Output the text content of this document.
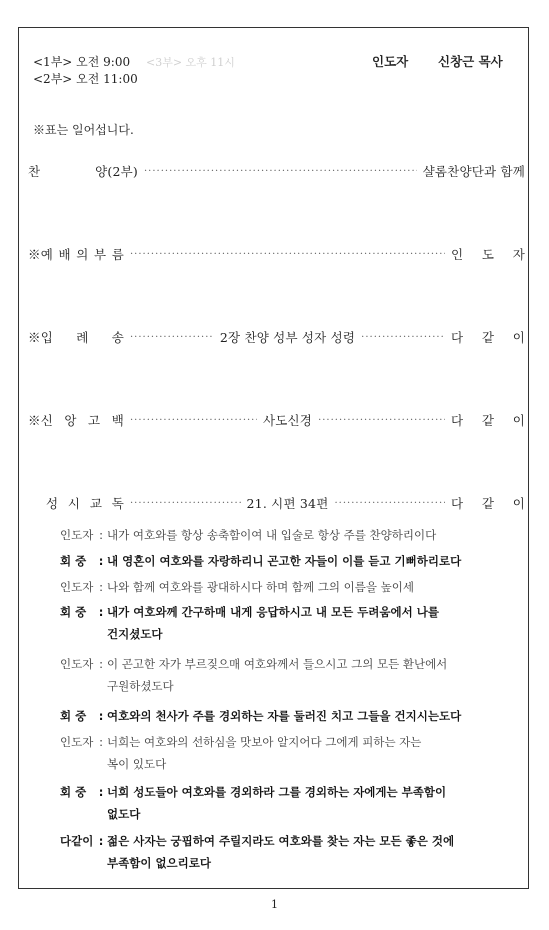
<1부> 오전 9:00 <3부> 오후 11시
<2부> 오전 11:00
인도자 신창근 목사
※표는 일어섭니다.
찬	양(2부) ·····	샬롬찬양단과 함께
※예 배 의 부 름 ·····	인 도 자
※입 례 송 ·····	2장 찬양 성부 성자 성령 ·····	다 같 이
※신 앙 고 백 ·····	사도신경 ·····	다 같 이
성 시 교 독 ·····	21. 시편 34편 ·····	다 같 이
인도자 : 내가 여호와를 항상 송축함이여 내 입술로 항상 주를 찬양하리이다
회 중 : 내 영혼이 여호와를 자랑하리니 곤고한 자들이 이를 듣고 기뻐하리로다
인도자 : 나와 함께 여호와를 광대하시다 하며 함께 그의 이름을 높이세
회 중 : 내가 여호와께 간구하매 내게 응답하시고 내 모든 두려움에서 나를
건지셨도다
인도자 : 이 곤고한 자가 부르짖으매 여호와께서 들으시고 그의 모든 환난에서
구원하셨도다
회 중 : 여호와의 천사가 주를 경외하는 자를 둘러진 치고 그들을 건지시는도다
인도자 : 너희는 여호와의 선하심을 맛보아 알지어다 그에게 피하는 자는
복이 있도다
회 중 : 너희 성도들아 여호와를 경외하라 그를 경외하는 자에게는 부족함이
없도다
다같이 : 젊은 사자는 궁핍하여 주릴지라도 여호와를 찾는 자는 모든 좋은 것에
부족함이 없으리로다
1
